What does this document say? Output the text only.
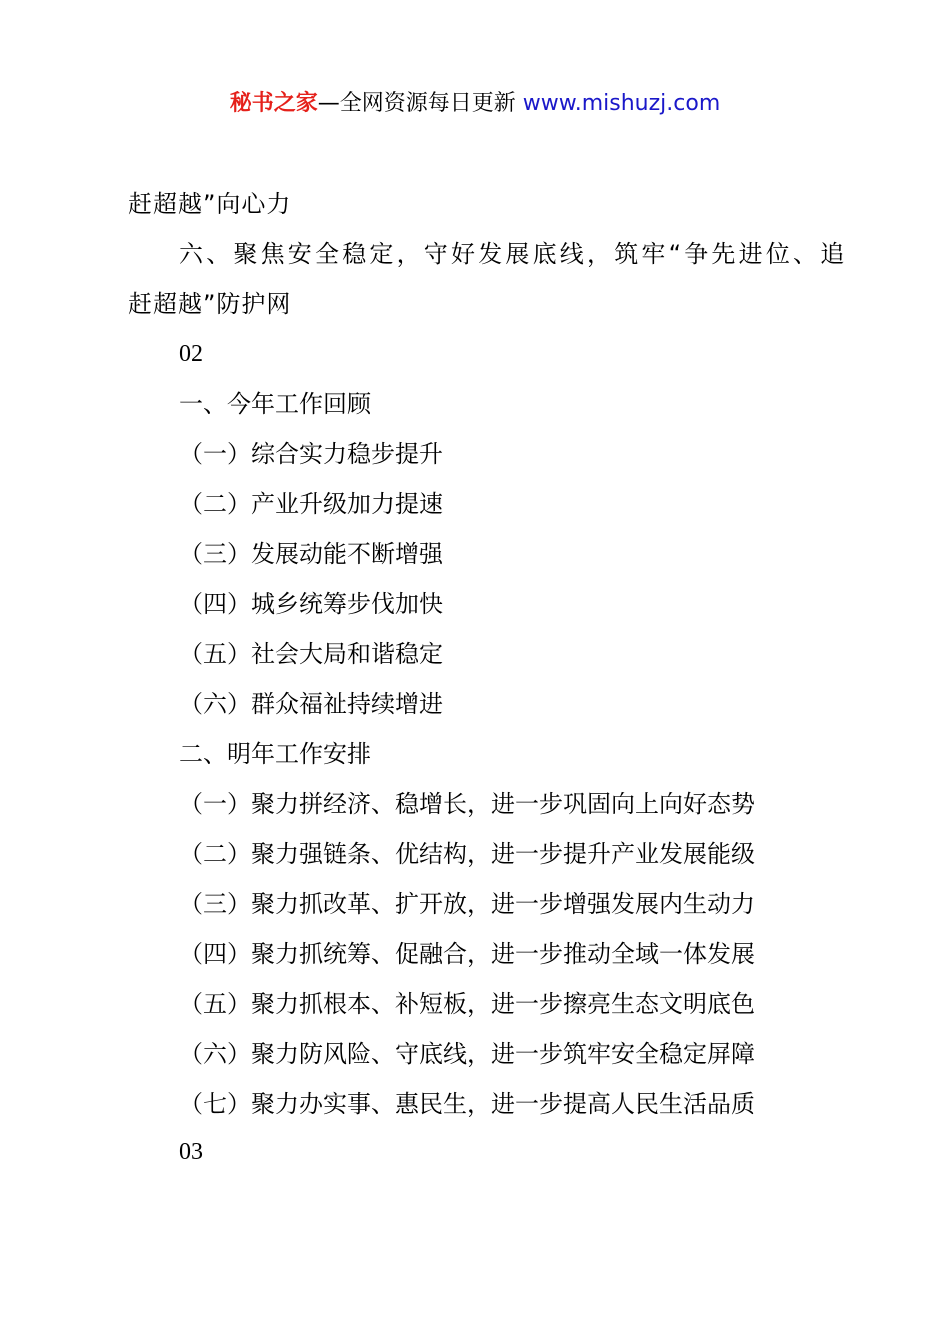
秘书之家—全网资源每日更新 www.mishuzj.com
赶超越”向心力
六、聚焦安全稳定，守好发展底线，筑牢“争先进位、追
赶超越”防护网
02
一、今年工作回顾
（一）综合实力稳步提升
（二）产业升级加力提速
（三）发展动能不断增强
（四）城乡统筹步伐加快
（五）社会大局和谐稳定
（六）群众福祉持续增进
二、明年工作安排
（一）聚力拼经济、稳增长，进一步巩固向上向好态势
（二）聚力强链条、优结构，进一步提升产业发展能级
（三）聚力抓改革、扩开放，进一步增强发展内生动力
（四）聚力抓统筹、促融合，进一步推动全域一体发展
（五）聚力抓根本、补短板，进一步擦亮生态文明底色
（六）聚力防风险、守底线，进一步筑牢安全稳定屏障
（七）聚力办实事、惠民生，进一步提高人民生活品质
03
